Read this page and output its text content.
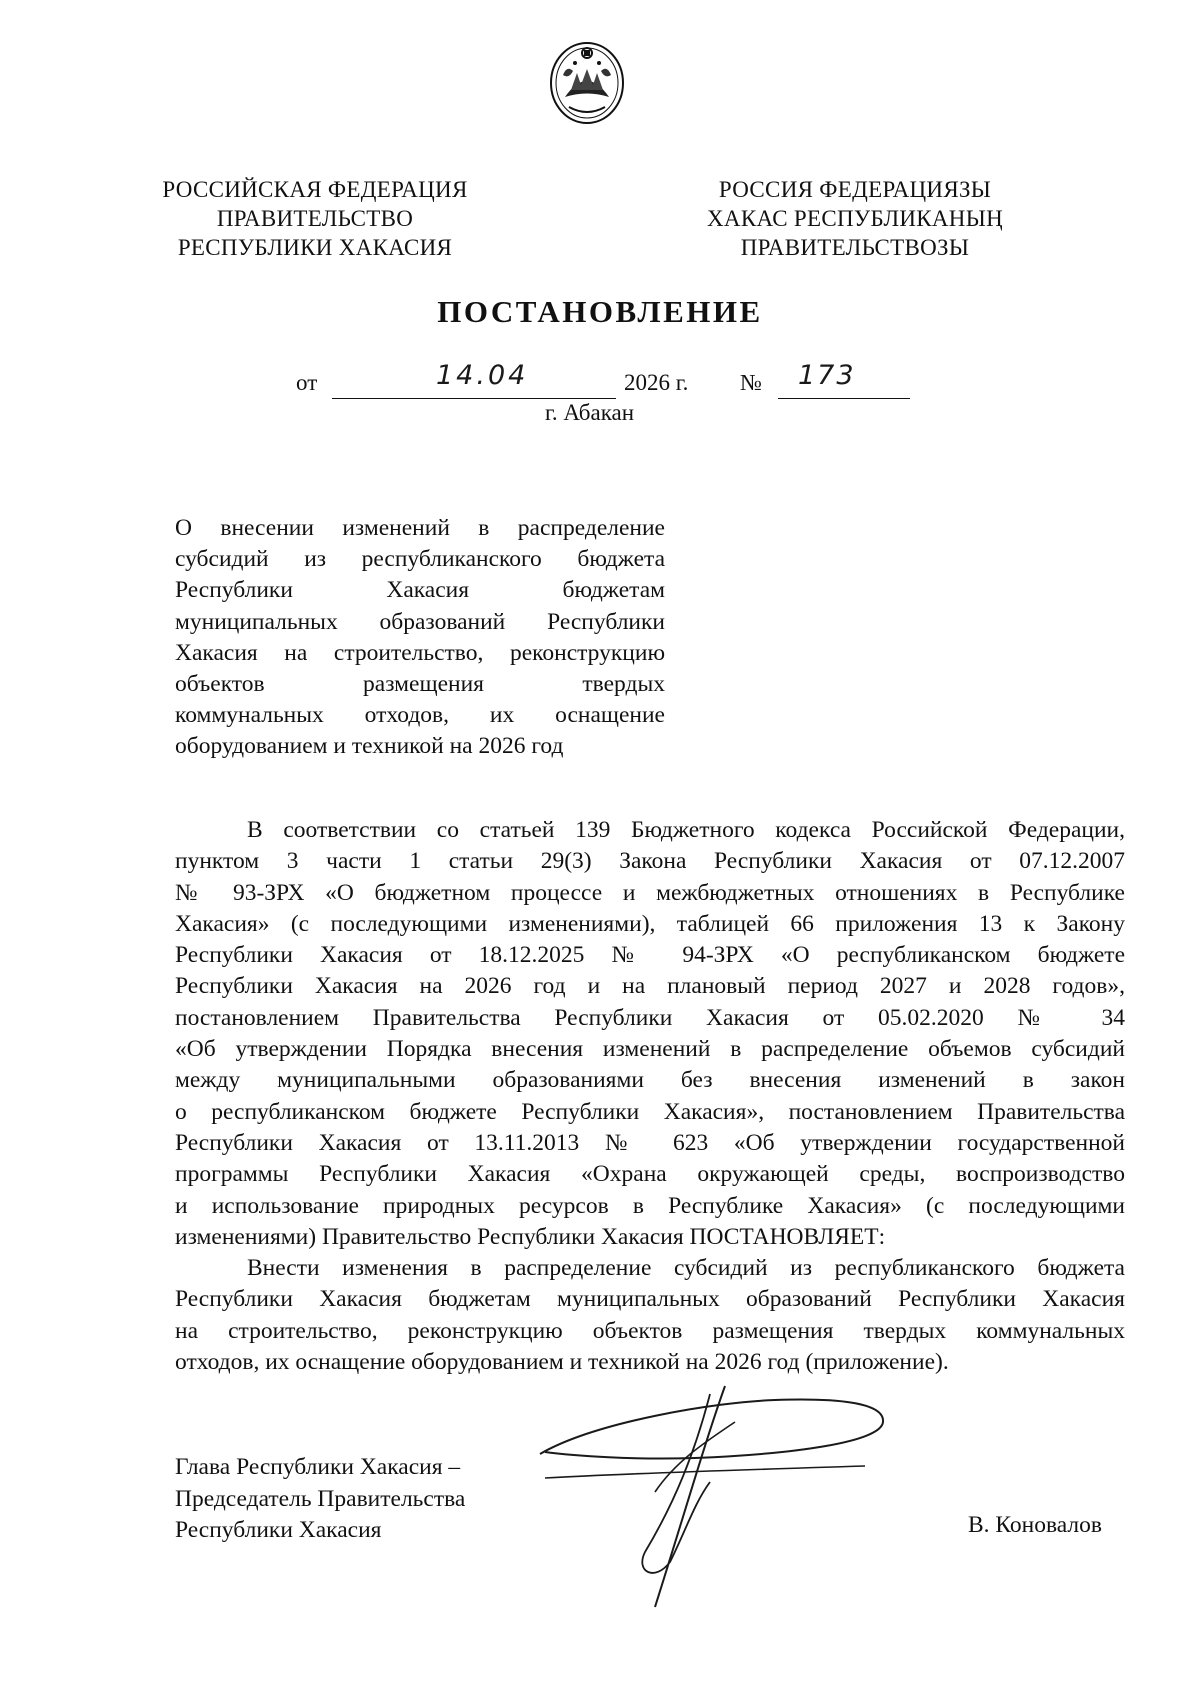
РОССИЙСКАЯ ФЕДЕРАЦИЯ
ПРАВИТЕЛЬСТВО
РЕСПУБЛИКИ ХАКАСИЯ
РОССИЯ ФЕДЕРАЦИЯЗЫ
ХАКАС РЕСПУБЛИКАНЫҢ
ПРАВИТЕЛЬСТВОЗЫ
ПОСТАНОВЛЕНИЕ
от	14.04	2026 г. № 173
г. Абакан
О внесении изменений в распределение
субсидий из республиканского бюджета
Республики Хакасия бюджетам
муниципальных образований Республики
Хакасия на строительство, реконструкцию
объектов размещения твердых
коммунальных отходов, их оснащение
оборудованием и техникой на 2026 год
В соответствии со статьей 139 Бюджетного кодекса Российской Федерации,
пунктом 3 части 1 статьи 29(3) Закона Республики Хакасия от 07.12.2007
№ 93-ЗРХ «О бюджетном процессе и межбюджетных отношениях в Республике
Хакасия» (с последующими изменениями), таблицей 66 приложения 13 к Закону
Республики Хакасия от 18.12.2025 № 94-ЗРХ «О республиканском бюджете
Республики Хакасия на 2026 год и на плановый период 2027 и 2028 годов»,
постановлением Правительства Республики Хакасия от 05.02.2020 № 34
«Об утверждении Порядка внесения изменений в распределение объемов субсидий
между муниципальными образованиями без внесения изменений в закон
о республиканском бюджете Республики Хакасия», постановлением Правительства
Республики Хакасия от 13.11.2013 № 623 «Об утверждении государственной
программы Республики Хакасия «Охрана окружающей среды, воспроизводство
и использование природных ресурсов в Республике Хакасия» (с последующими
изменениями) Правительство Республики Хакасия ПОСТАНОВЛЯЕТ:
Внести изменения в распределение субсидий из республиканского бюджета
Республики Хакасия бюджетам муниципальных образований Республики Хакасия
на строительство, реконструкцию объектов размещения твердых коммунальных
отходов, их оснащение оборудованием и техникой на 2026 год (приложение).
Глава Республики Хакасия –
Председатель Правительства
Республики Хакасия	В. Коновалов
